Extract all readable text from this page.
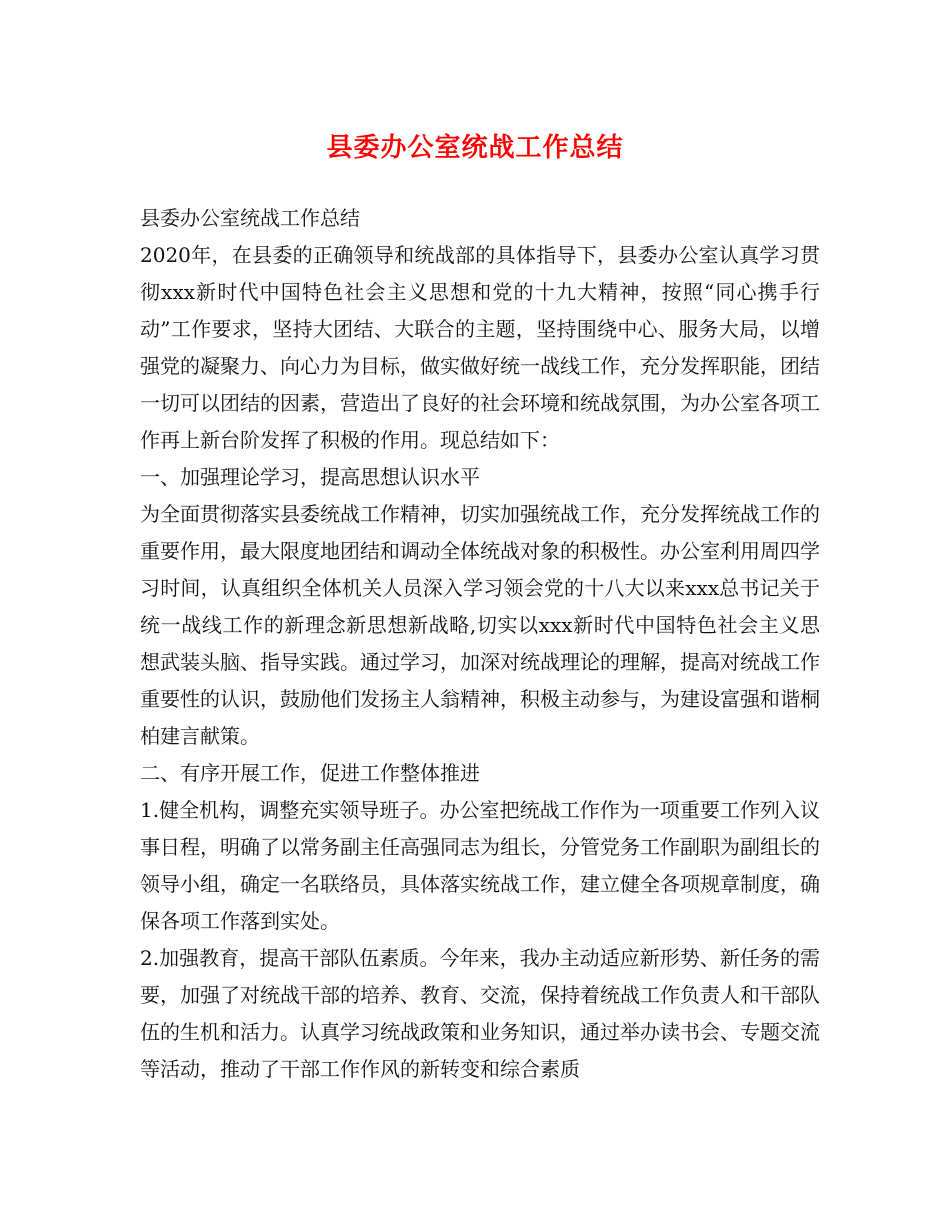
县委办公室统战工作总结

县委办公室统战工作总结

2020年，在县委的正确领导和统战部的具体指导下，县委办公室认真学习贯彻xxx新时代中国特色社会主义思想和党的十九大精神，按照“同心携手行动”工作要求，坚持大团结、大联合的主题，坚持围绕中心、服务大局，以增强党的凝聚力、向心力为目标，做实做好统一战线工作，充分发挥职能，团结一切可以团结的因素，营造出了良好的社会环境和统战氛围，为办公室各项工作再上新台阶发挥了积极的作用。现总结如下：

一、加强理论学习，提高思想认识水平

为全面贯彻落实县委统战工作精神，切实加强统战工作，充分发挥统战工作的重要作用，最大限度地团结和调动全体统战对象的积极性。办公室利用周四学习时间，认真组织全体机关人员深入学习领会党的十八大以来xxx总书记关于统一战线工作的新理念新思想新战略,切实以xxx新时代中国特色社会主义思想武装头脑、指导实践。通过学习，加深对统战理论的理解，提高对统战工作重要性的认识，鼓励他们发扬主人翁精神，积极主动参与，为建设富强和谐桐柏建言献策。

二、有序开展工作，促进工作整体推进

1.健全机构，调整充实领导班子。办公室把统战工作作为一项重要工作列入议事日程，明确了以常务副主任高强同志为组长，分管党务工作副职为副组长的领导小组，确定一名联络员，具体落实统战工作，建立健全各项规章制度，确保各项工作落到实处。

2.加强教育，提高干部队伍素质。今年来，我办主动适应新形势、新任务的需要，加强了对统战干部的培养、教育、交流，保持着统战工作负责人和干部队伍的生机和活力。认真学习统战政策和业务知识，通过举办读书会、专题交流等活动，推动了干部工作作风的新转变和综合素质
